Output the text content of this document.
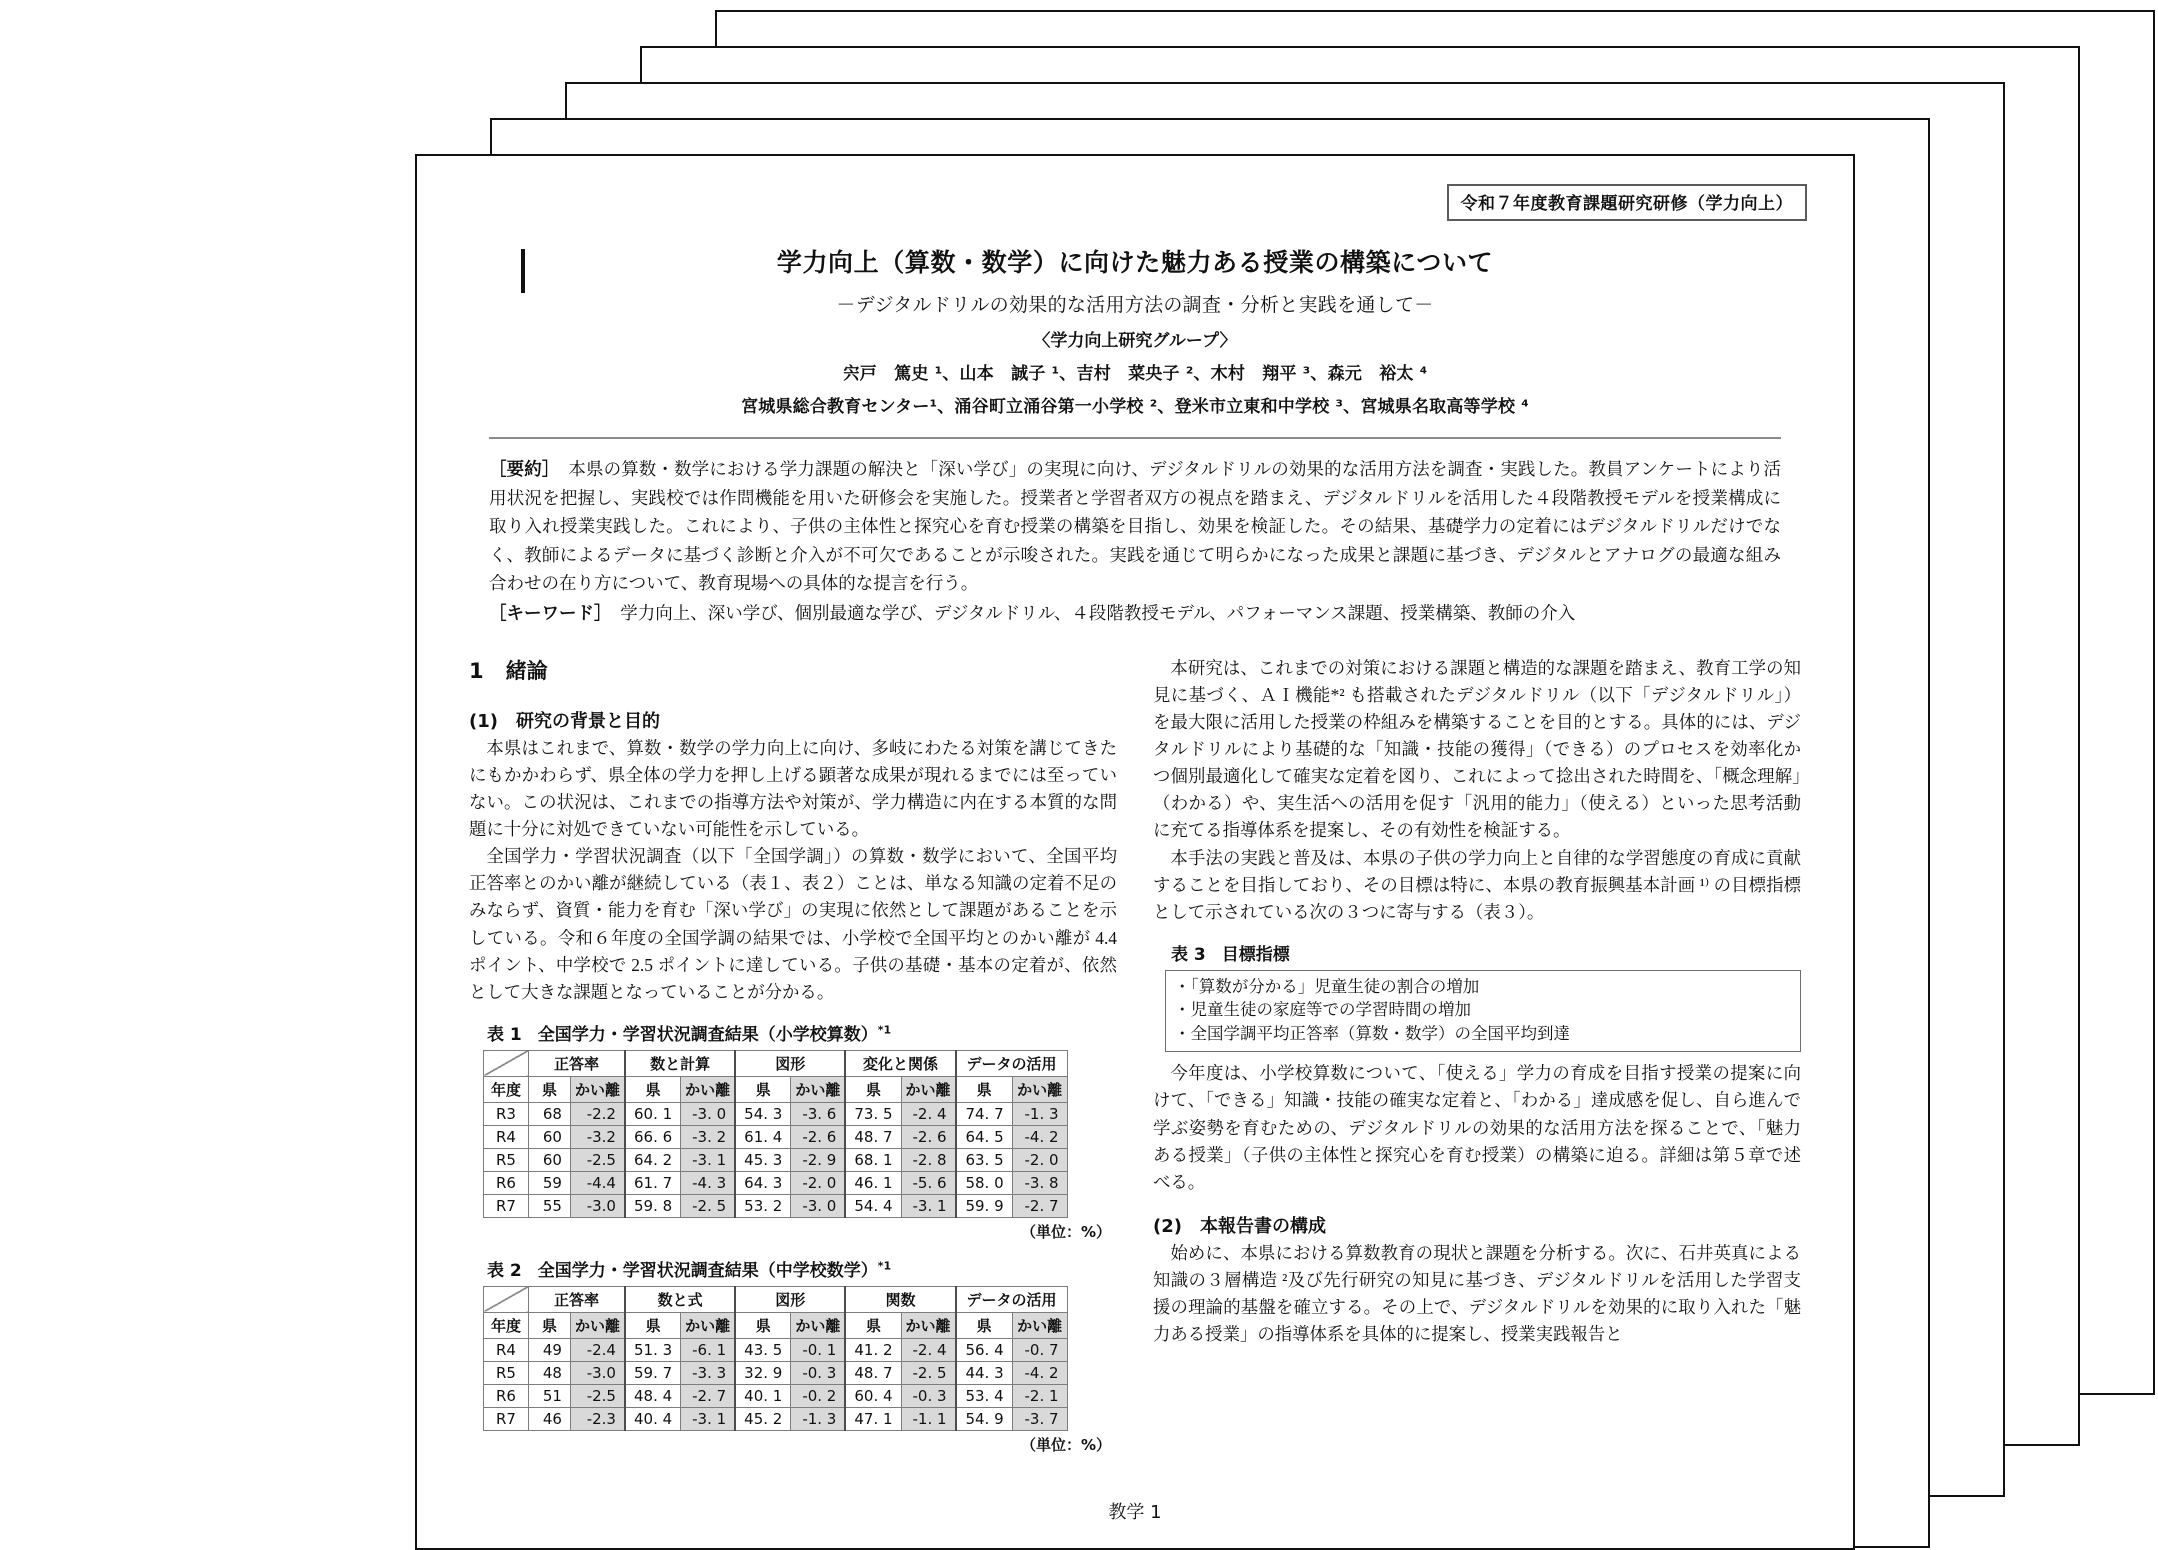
令和７年度教育課題研究研修（学力向上）
学力向上（算数・数学）に向けた魅力ある授業の構築について
－デジタルドリルの効果的な活用方法の調査・分析と実践を通して－
〈学力向上研究グループ〉
宍戸　篤史 ¹、山本　誠子 ¹、吉村　菜央子 ²、木村　翔平 ³、森元　裕太 ⁴
宮城県総合教育センター¹、涌谷町立涌谷第一小学校 ²、登米市立東和中学校 ³、宮城県名取高等学校 ⁴

［要約］　 本県の算数・数学における学力課題の解決と「深い学び」の実現に向け、デジタルドリルの効果的な活用方法を調査・実践した。教員アンケートにより活用状況を把握し、実践校では作問機能を用いた研修会を実施した。授業者と学習者双方の視点を踏まえ、デジタルドリルを活用した４段階教授モデルを授業構成に取り入れ授業実践した。これにより、子供の主体性と探究心を育む授業の構築を目指し、効果を検証した。その結果、基礎学力の定着にはデジタルドリルだけでなく、教師によるデータに基づく診断と介入が不可欠であることが示唆された。実践を通じて明らかになった成果と課題に基づき、デジタルとアナログの最適な組み合わせの在り方について、教育現場への具体的な提言を行う。

［キーワード］　 学力向上、深い学び、個別最適な学び、デジタルドリル、４段階教授モデル、パフォーマンス課題、授業構築、教師の介入

1 緒論
(1)　研究の背景と目的

本県はこれまで、算数・数学の学力向上に向け、多岐にわたる対策を講じてきたにもかかわらず、県全体の学力を押し上げる顕著な成果が現れるまでには至っていない。この状況は、これまでの指導方法や対策が、学力構造に内在する本質的な問題に十分に対処できていない可能性を示している。

全国学力・学習状況調査（以下「全国学調」）の算数・数学において、全国平均正答率とのかい離が継続している（表１、表２）ことは、単なる知識の定着不足のみならず、資質・能力を育む「深い学び」の実現に依然として課題があることを示している。令和６年度の全国学調の結果では、小学校で全国平均とのかい離が 4.4 ポイント、中学校で 2.5 ポイントに達している。子供の基礎・基本の定着が、依然として大きな課題となっていることが分かる。

表 1 全国学力・学習状況調査結果（小学校算数）$^{*1}$
	正答率		数と計算		図形		変化と関係		データの活用	
年度	県	かい離	県	かい離	県	かい離	県	かい離	県	かい離
R3	68	-2.2	60. 1	-3. 0	54. 3	-3. 6	73. 5	-2. 4	74. 7	-1. 3
R4	60	-3.2	66. 6	-3. 2	61. 4	-2. 6	48. 7	-2. 6	64. 5	-4. 2
R5	60	-2.5	64. 2	-3. 1	45. 3	-2. 9	68. 1	-2. 8	63. 5	-2. 0
R6	59	-4.4	61. 7	-4. 3	64. 3	-2. 0	46. 1	-5. 6	58. 0	-3. 8
R7	55	-3.0	59. 8	-2. 5	53. 2	-3. 0	54. 4	-3. 1	59. 9	-2. 7
（単位：%）
表 2 全国学力・学習状況調査結果（中学校数学）$^{*1}$
	正答率		数と式		図形		関数		データの活用	
年度	県	かい離	県	かい離	県	かい離	県	かい離	県	かい離
R4	49	-2.4	51. 3	-6. 1	43. 5	-0. 1	41. 2	-2. 4	56. 4	-0. 7
R5	48	-3.0	59. 7	-3. 3	32. 9	-0. 3	48. 7	-2. 5	44. 3	-4. 2
R6	51	-2.5	48. 4	-2. 7	40. 1	-0. 2	60. 4	-0. 3	53. 4	-2. 1
R7	46	-2.3	40. 4	-3. 1	45. 2	-1. 3	47. 1	-1. 1	54. 9	-3. 7
（単位：%）

本研究は、これまでの対策における課題と構造的な課題を踏まえ、教育工学の知見に基づく、ＡＩ機能*² も搭載されたデジタルドリル（以下「デジタルドリル」）を最大限に活用した授業の枠組みを構築することを目的とする。具体的には、デジタルドリルにより基礎的な「知識・技能の獲得」（できる）のプロセスを効率化かつ個別最適化して確実な定着を図り、これによって捻出された時間を、「概念理解」（わかる）や、実生活への活用を促す「汎用的能力」（使える）といった思考活動に充てる指導体系を提案し、その有効性を検証する。

本手法の実践と普及は、本県の子供の学力向上と自律的な学習態度の育成に貢献することを目指しており、その目標は特に、本県の教育振興基本計画 ¹⁾ の目標指標として示されている次の３つに寄与する（表３）。

表 3 目標指標
・「算数が分かる」児童生徒の割合の増加
・児童生徒の家庭等での学習時間の増加
・全国学調平均正答率（算数・数学）の全国平均到達

今年度は、小学校算数について、「使える」学力の育成を目指す授業の提案に向けて、「できる」知識・技能の確実な定着と、「わかる」達成感を促し、自ら進んで学ぶ姿勢を育むための、デジタルドリルの効果的な活用方法を探ることで、「魅力ある授業」（子供の主体性と探究心を育む授業）の構築に迫る。詳細は第５章で述べる。

(2)　本報告書の構成

始めに、本県における算数教育の現状と課題を分析する。次に、石井英真による知識の３層構造 ²及び先行研究の知見に基づき、デジタルドリルを活用した学習支援の理論的基盤を確立する。その上で、デジタルドリルを効果的に取り入れた「魅力ある授業」の指導体系を具体的に提案し、授業実践報告と

教学 1
